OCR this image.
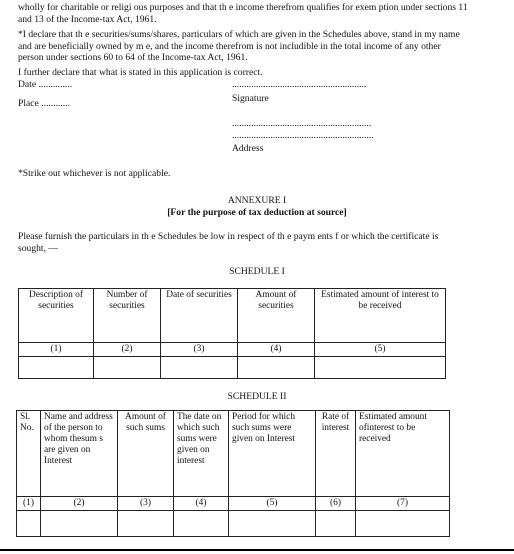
wholly for charitable or religi ous purposes and that th e income therefrom qualifies for exem ption under sections 11 and 13 of the Income-tax Act, 1961.

*I declare that th e securities/sums/shares, particulars of which are given in the Schedules above, stand in my name and are beneficially owned by m e, and the income therefrom is not includible in the total income of any other person under sections 60 to 64 of the Income-tax Act, 1961.

I further declare that what is stated in this application is correct.

Date ..............	........................................................
Signature
Place ............
..........................................................
...........................................................
Address
*Strike out whichever is not applicable.
ANNEXURE I
[For the purpose of tax deduction at source]

Please furnish the particulars in th e Schedules be low in respect of th e paym ents f or which the certificate is sought, —

SCHEDULE I
Description of securities	Number of securities	Date of securities	Amount of securities	Estimated amount of interest to be received
(1)	(2)	(3)	(4)	(5)

SCHEDULE II
Sl. No.	Name and address of the person to whom thesum s are given on Interest	Amount of such sums	The date on which such sums were given on interest	Period for which such sums were given on Interest	Rate of interest	Estimated amount ofinterest to be received
(1)	(2)	(3)	(4)	(5)	(6)	(7)
